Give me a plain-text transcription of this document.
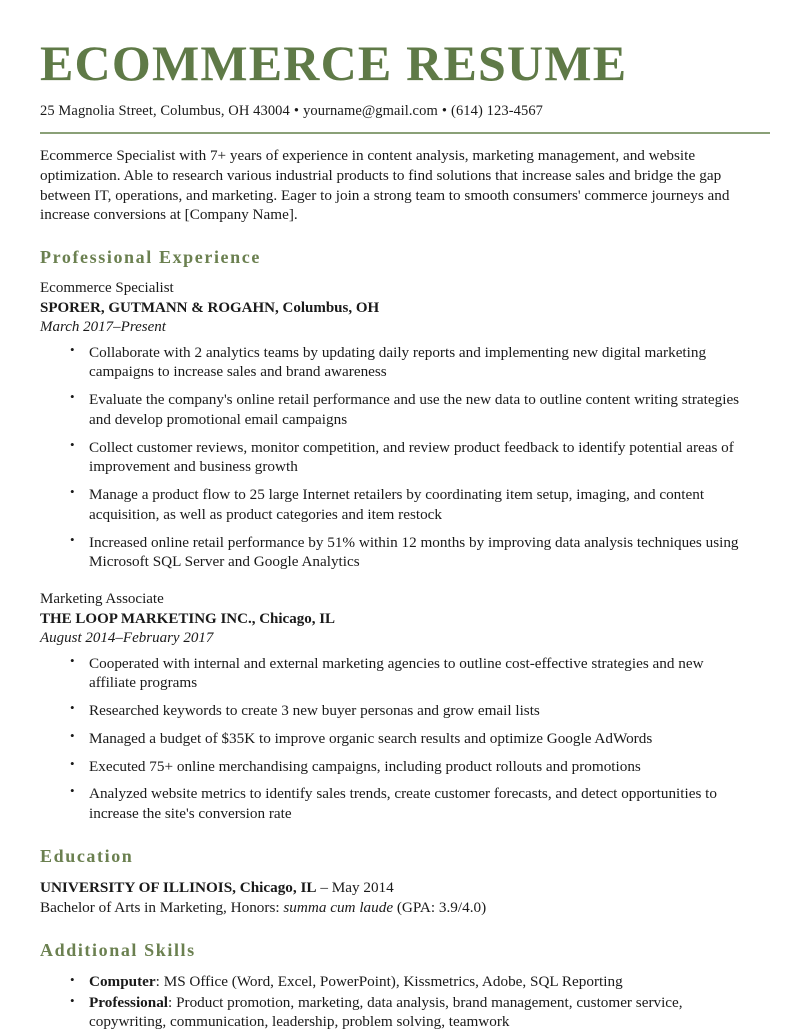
ECOMMERCE RESUME
25 Magnolia Street, Columbus, OH 43004 • yourname@gmail.com • (614) 123-4567

Ecommerce Specialist with 7+ years of experience in content analysis, marketing management, and website optimization. Able to research various industrial products to find solutions that increase sales and bridge the gap between IT, operations, and marketing. Eager to join a strong team to smooth consumers' commerce journeys and increase conversions at [Company Name].

Professional Experience
Ecommerce Specialist
SPORER, GUTMANN & ROGAHN, Columbus, OH
March 2017–Present
• Collaborate with 2 analytics teams by updating daily reports and implementing new digital marketing campaigns to increase sales and brand awareness
• Evaluate the company's online retail performance and use the new data to outline content writing strategies and develop promotional email campaigns
• Collect customer reviews, monitor competition, and review product feedback to identify potential areas of improvement and business growth
• Manage a product flow to 25 large Internet retailers by coordinating item setup, imaging, and content acquisition, as well as product categories and item restock
• Increased online retail performance by 51% within 12 months by improving data analysis techniques using Microsoft SQL Server and Google Analytics
Marketing Associate
THE LOOP MARKETING INC., Chicago, IL
August 2014–February 2017
• Cooperated with internal and external marketing agencies to outline cost-effective strategies and new affiliate programs
• Researched keywords to create 3 new buyer personas and grow email lists
• Managed a budget of $35K to improve organic search results and optimize Google AdWords
• Executed 75+ online merchandising campaigns, including product rollouts and promotions
• Analyzed website metrics to identify sales trends, create customer forecasts, and detect opportunities to increase the site's conversion rate
Education
UNIVERSITY OF ILLINOIS, Chicago, IL – May 2014
Bachelor of Arts in Marketing, Honors: summa cum laude (GPA: 3.9/4.0)
Additional Skills
• Computer: MS Office (Word, Excel, PowerPoint), Kissmetrics, Adobe, SQL Reporting
• Professional: Product promotion, marketing, data analysis, brand management, customer service, copywriting, communication, leadership, problem solving, teamwork
